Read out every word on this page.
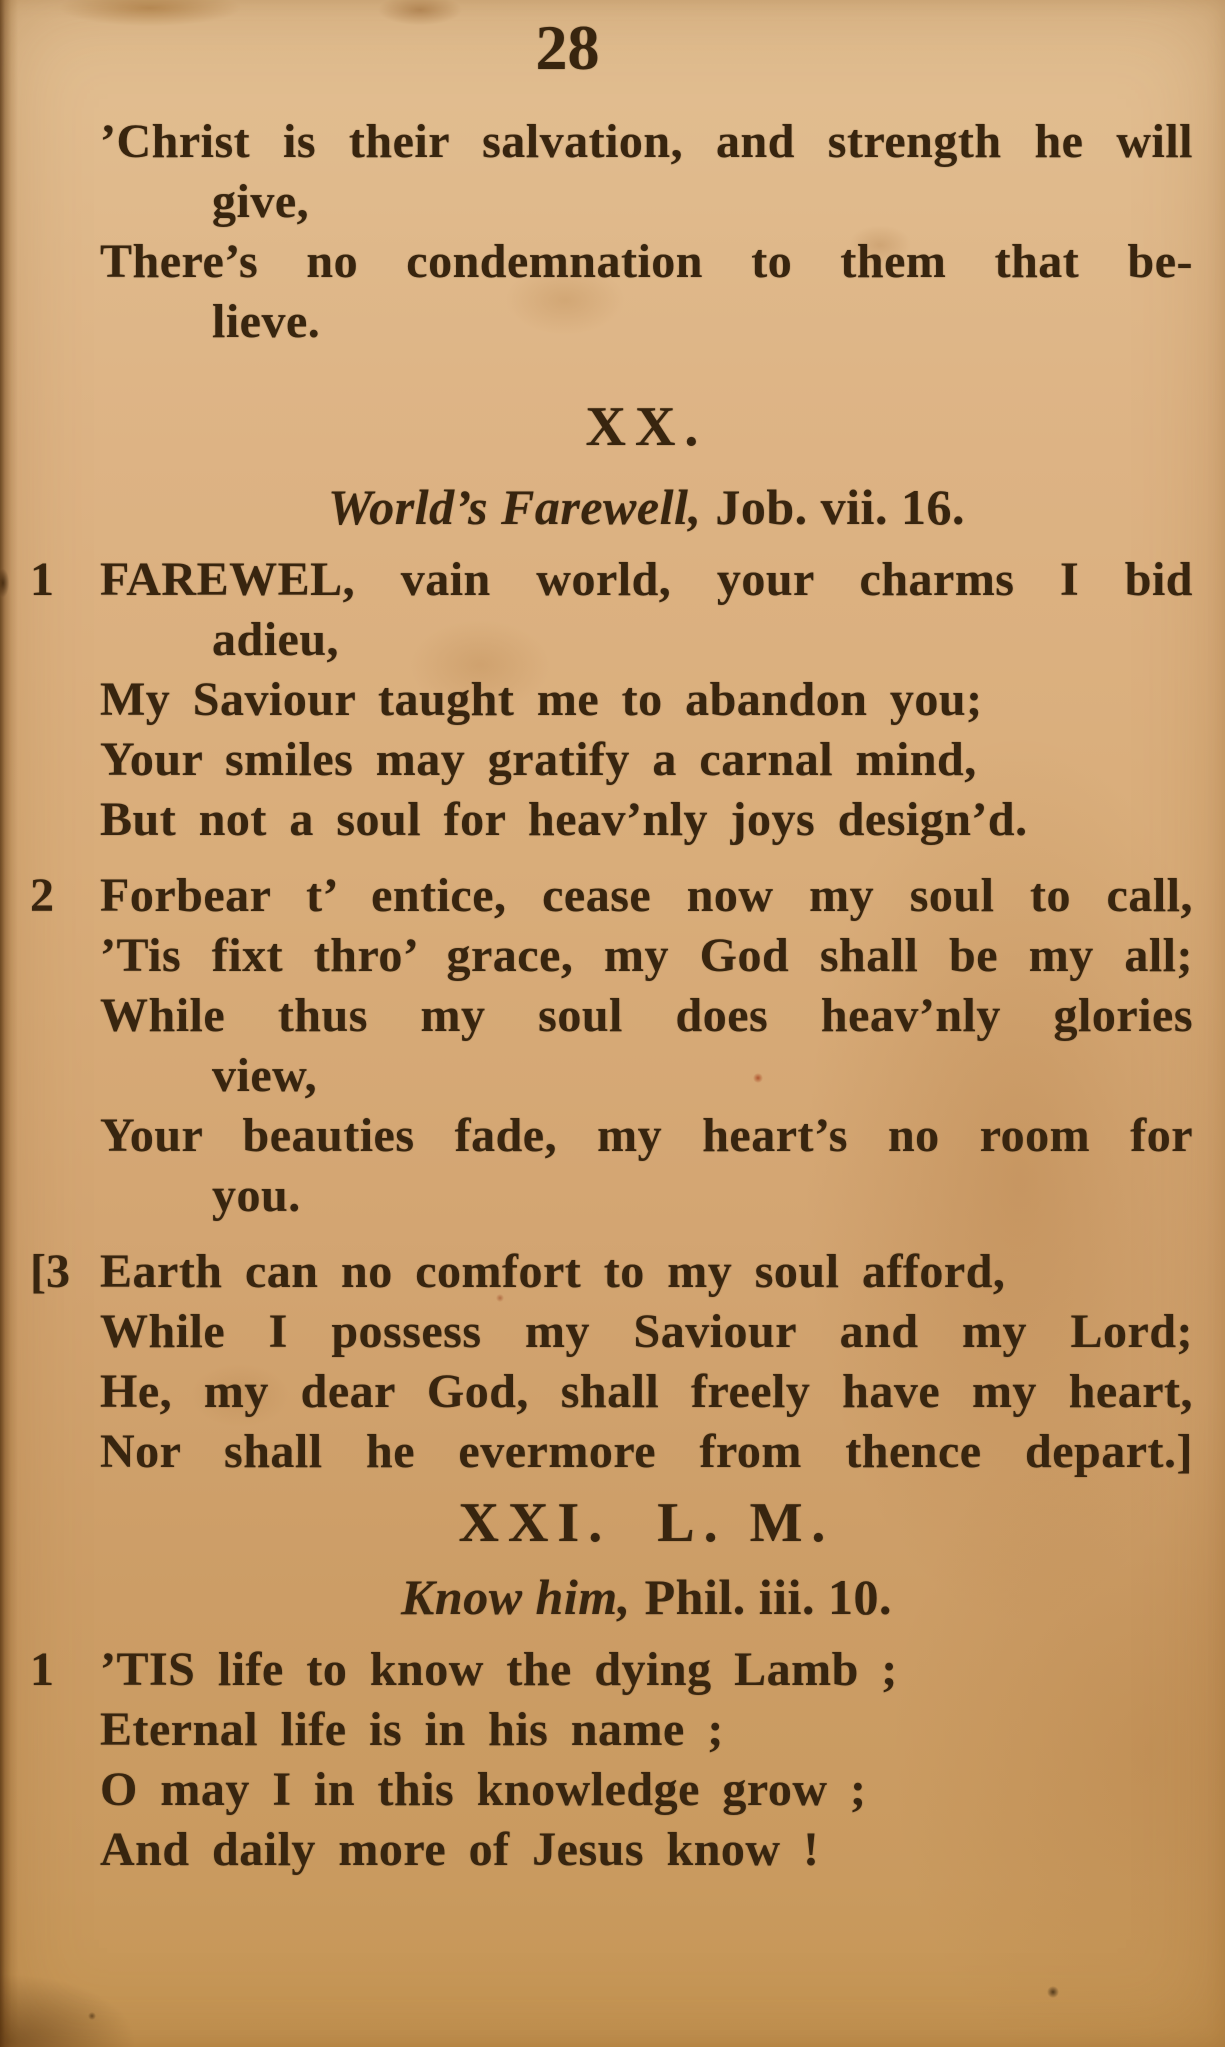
28
’Christ is their salvation, and strength he will
give,
There’s no condemnation to them that be-
lieve.
XX.
World’s Farewell, Job. vii. 16.
1 FAREWEL, vain world, your charms I bid
adieu,
My Saviour taught me to abandon you;
Your smiles may gratify a carnal mind,
But not a soul for heav’nly joys design’d.
2 Forbear t’ entice, cease now my soul to call,
’Tis fixt thro’ grace, my God shall be my all;
While thus my soul does heav’nly glories
view,
Your beauties fade, my heart’s no room for
you.
[3 Earth can no comfort to my soul afford,
While I possess my Saviour and my Lord;
He, my dear God, shall freely have my heart,
Nor shall he evermore from thence depart.]
XXI.  L. M.
Know him, Phil. iii. 10.
1 ’TIS life to know the dying Lamb ;
Eternal life is in his name ;
O may I in this knowledge grow ;
And daily more of Jesus know !
